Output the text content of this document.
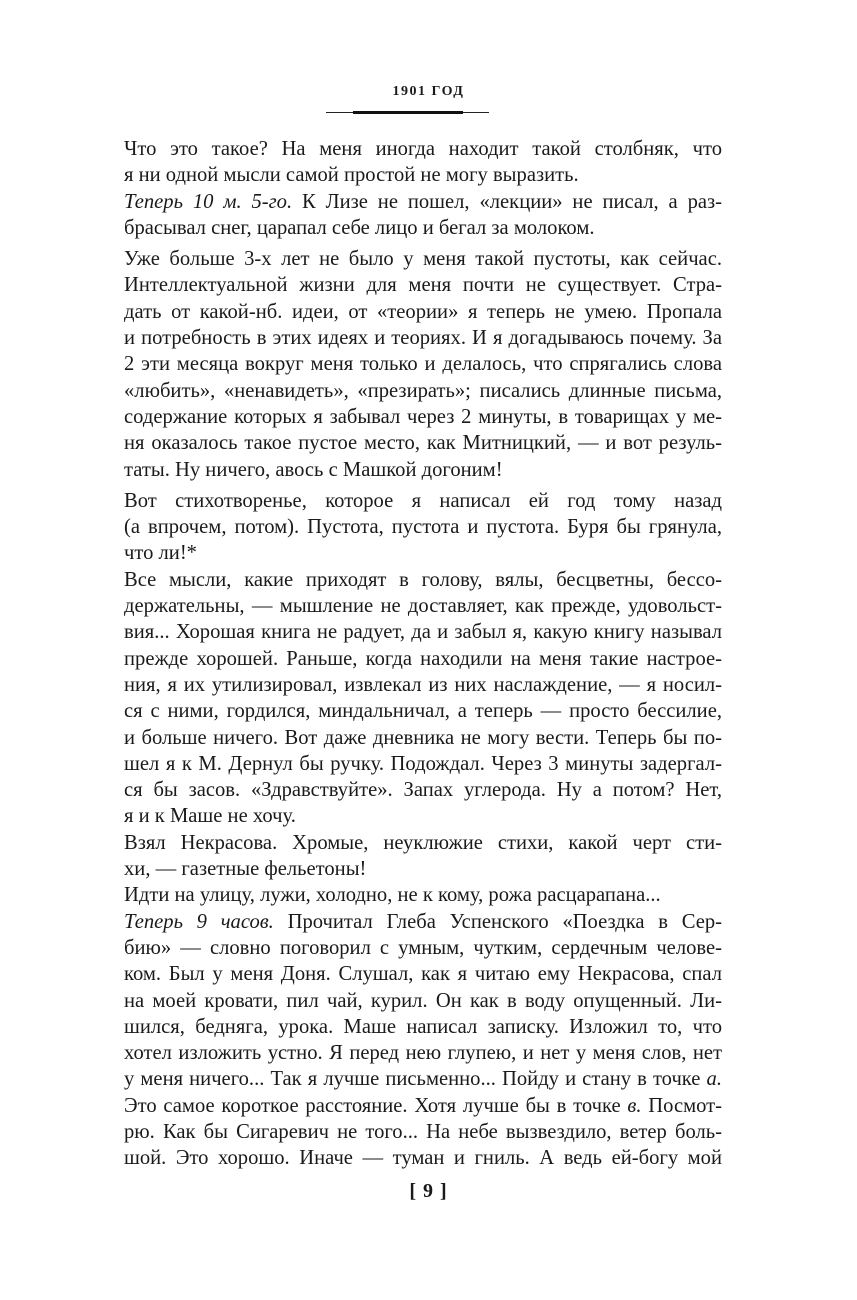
1901 ГОД

Что это такое? На меня иногда находит такой столбняк, что
я ни одной мысли самой простой не могу выразить.

Теперь 10 м. 5-го. К Лизе не пошел, «лекции» не писал, а раз-
брасывал снег, царапал себе лицо и бегал за молоком.

Уже больше 3-х лет не было у меня такой пустоты, как сейчас.
Интеллектуальной жизни для меня почти не существует. Стра-
дать от какой-нб. идеи, от «теории» я теперь не умею. Пропала
и потребность в этих идеях и теориях. И я догадываюсь почему. За
2 эти месяца вокруг меня только и делалось, что спрягались слова
«любить», «ненавидеть», «презирать»; писались длинные письма,
содержание которых я забывал через 2 минуты, в товарищах у ме-
ня оказалось такое пустое место, как Митницкий, — и вот резуль-
таты. Ну ничего, авось с Машкой догоним!

Вот стихотворенье, которое я написал ей год тому назад
(а впрочем, потом). Пустота, пустота и пустота. Буря бы грянула,
что ли!*

Все мысли, какие приходят в голову, вялы, бесцветны, бессо-
держательны, — мышление не доставляет, как прежде, удовольст-
вия... Хорошая книга не радует, да и забыл я, какую книгу называл
прежде хорошей. Раньше, когда находили на меня такие настрое-
ния, я их утилизировал, извлекал из них наслаждение, — я носил-
ся с ними, гордился, миндальничал, а теперь — просто бессилие,
и больше ничего. Вот даже дневника не могу вести. Теперь бы по-
шел я к М. Дернул бы ручку. Подождал. Через 3 минуты задергал-
ся бы засов. «Здравствуйте». Запах углерода. Ну а потом? Нет,
я и к Маше не хочу.

Взял Некрасова. Хромые, неуклюжие стихи, какой черт сти-
хи, — газетные фельетоны!

Идти на улицу, лужи, холодно, не к кому, рожа расцарапана...

Теперь 9 часов. Прочитал Глеба Успенского «Поездка в Сер-
бию» — словно поговорил с умным, чутким, сердечным челове-
ком. Был у меня Доня. Слушал, как я читаю ему Некрасова, спал
на моей кровати, пил чай, курил. Он как в воду опущенный. Ли-
шился, бедняга, урока. Маше написал записку. Изложил то, что
хотел изложить устно. Я перед нею глупею, и нет у меня слов, нет
у меня ничего... Так я лучше письменно... Пойду и стану в точке а.
Это самое короткое расстояние. Хотя лучше бы в точке в. Посмот-
рю. Как бы Сигаревич не того... На небе вызвездило, ветер боль-
шой. Это хорошо. Иначе — туман и гниль. А ведь ей-богу мой

[ 9 ]
